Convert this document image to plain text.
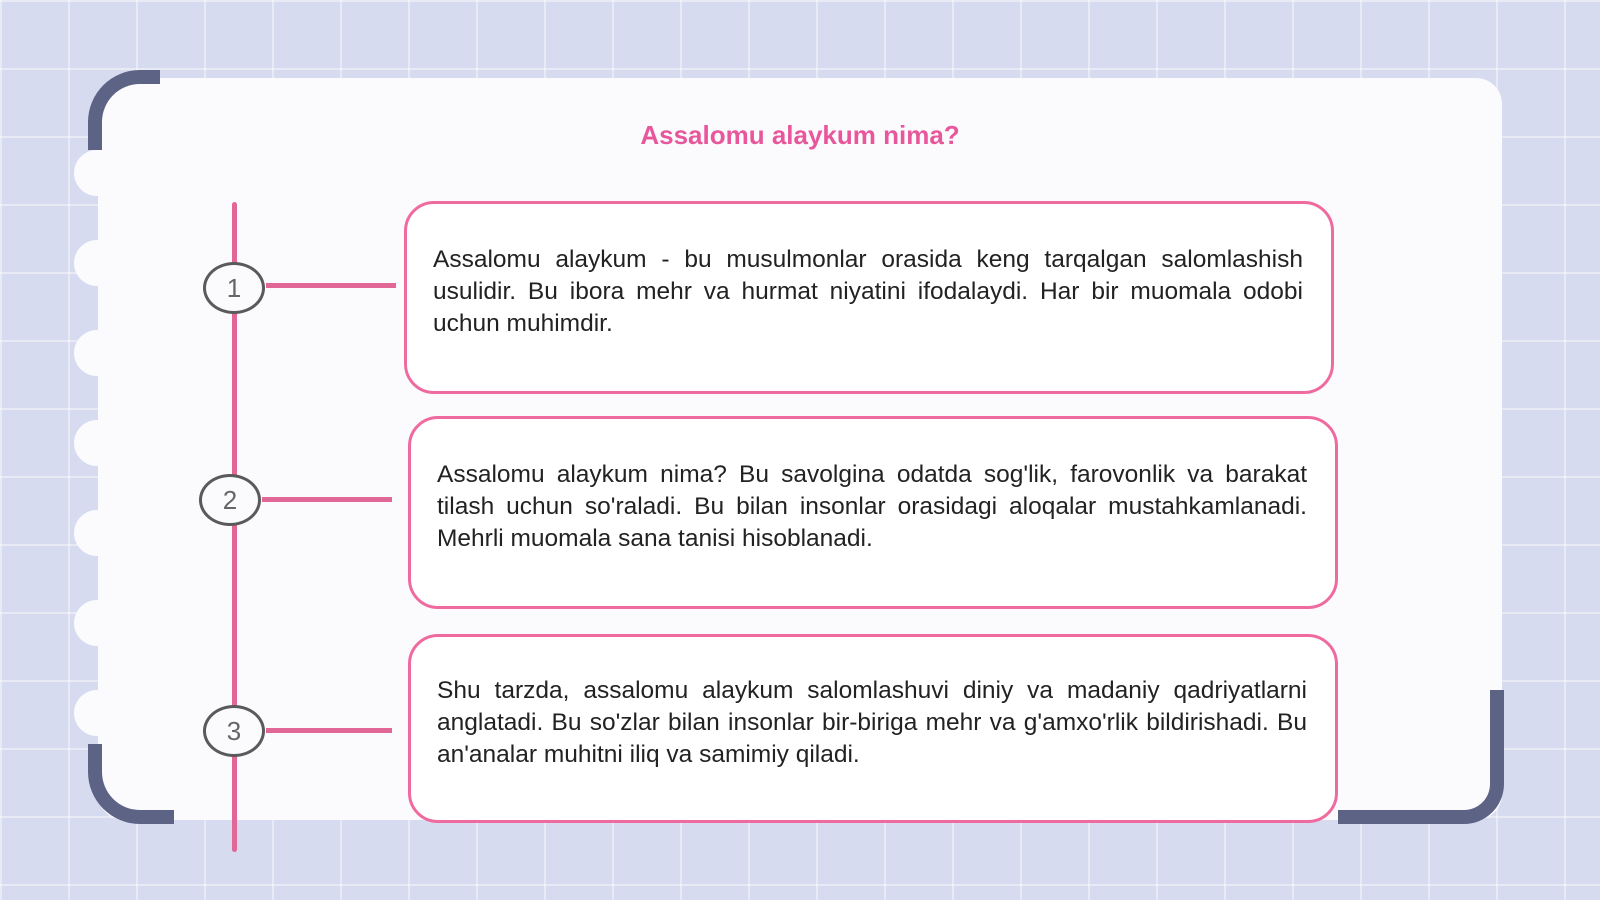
Assalomu alaykum nima?
1
2
3

Assalomu alaykum - bu musulmonlar orasida keng tarqalgan salomlashish usulidir. Bu ibora mehr va hurmat niyatini ifodalaydi. Har bir muomala odobi uchun muhimdir.

Assalomu alaykum nima? Bu savolgina odatda sog'lik, farovonlik va barakat tilash uchun so'raladi. Bu bilan insonlar orasidagi aloqalar mustahkamlanadi. Mehrli muomala sana tanisi hisoblanadi.

Shu tarzda, assalomu alaykum salomlashuvi diniy va madaniy qadriyatlarni anglatadi. Bu so'zlar bilan insonlar bir-biriga mehr va g'amxo'rlik bildirishadi. Bu an'analar muhitni iliq va samimiy qiladi.
